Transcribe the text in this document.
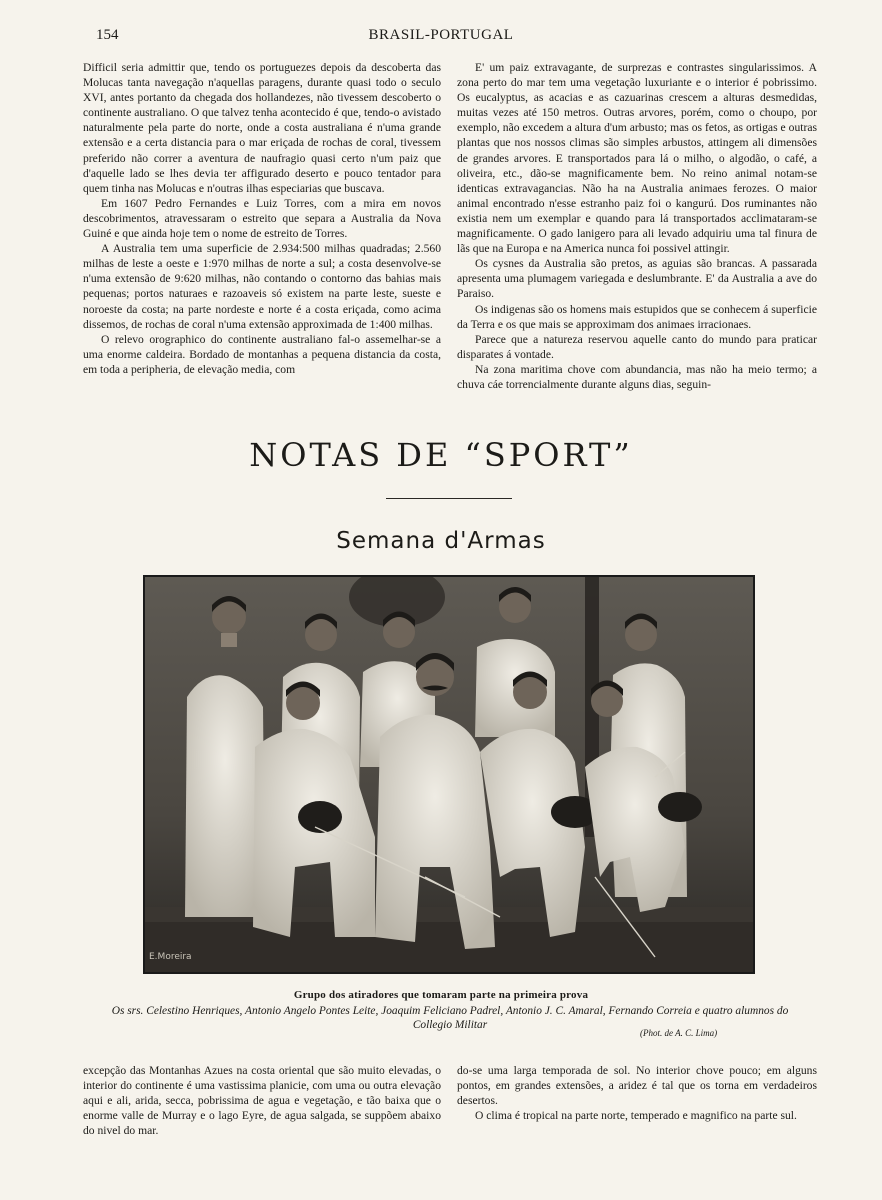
154	BRASIL-PORTUGAL

Difficil seria admittir que, tendo os portuguezes depois da descoberta das Molucas tanta navegação n'aquellas paragens, durante quasi todo o seculo XVI, antes portanto da chegada dos hollandezes, não tivessem descoberto o continente australiano. O que talvez tenha acontecido é que, tendo-o avistado naturalmente pela parte do norte, onde a costa australiana é n'uma grande extensão e a certa distancia para o mar eriçada de rochas de coral, tivessem preferido não correr a aventura de naufragio quasi certo n'um paiz que d'aquelle lado se lhes devia ter affigurado deserto e pouco tentador para quem tinha nas Molucas e n'outras ilhas especiarias que buscava.

Em 1607 Pedro Fernandes e Luiz Torres, com a mira em novos descobrimentos, atravessaram o estreito que separa a Australia da Nova Guiné e que ainda hoje tem o nome de estreito de Torres.

A Australia tem uma superficie de 2.934:500 milhas quadradas; 2.560 milhas de leste a oeste e 1:970 milhas de norte a sul; a costa desenvolve-se n'uma extensão de 9:620 milhas, não contando o contorno das bahias mais pequenas; portos naturaes e razoaveis só existem na parte leste, sueste e noroeste da costa; na parte nordeste e norte é a costa eriçada, como acima dissemos, de rochas de coral n'uma extensão approximada de 1:400 milhas.

O relevo orographico do continente australiano fal-o assemelhar-se a uma enorme caldeira. Bordado de montanhas a pequena distancia da costa, em toda a peripheria, de elevação media, com

E' um paiz extravagante, de surprezas e contrastes singularissimos. A zona perto do mar tem uma vegetação luxuriante e o interior é pobrissimo. Os eucalyptus, as acacias e as cazuarinas crescem a alturas desmedidas, muitas vezes até 150 metros. Outras arvores, porém, como o choupo, por exemplo, não excedem a altura d'um arbusto; mas os fetos, as ortigas e outras plantas que nos nossos climas são simples arbustos, attingem ali dimensões de grandes arvores. E transportados para lá o milho, o algodão, o café, a oliveira, etc., dão-se magnificamente bem. No reino animal notam-se identicas extravagancias. Não ha na Australia animaes ferozes. O maior animal encontrado n'esse estranho paiz foi o kangurú. Dos ruminantes não existia nem um exemplar e quando para lá transportados acclimataram-se magnificamente. O gado lanigero para ali levado adquiriu uma tal finura de lãs que na Europa e na America nunca foi possivel attingir.

Os cysnes da Australia são pretos, as aguias são brancas. A passarada apresenta uma plumagem variegada e deslumbrante. E' da Australia a ave do Paraiso.

Os indigenas são os homens mais estupidos que se conhecem á superficie da Terra e os que mais se approximam dos animaes irracionaes.

Parece que a natureza reservou aquelle canto do mundo para praticar disparates á vontade.

Na zona maritima chove com abundancia, mas não ha meio termo; a chuva cáe torrencialmente durante alguns dias, seguin-

NOTAS DE “SPORT”
Semana d'Armas
E.Moreira
Grupo dos atiradores que tomaram parte na primeira prova
Os srs. Celestino Henriques, Antonio Angelo Pontes Leite, Joaquim Feliciano Padrel, Antonio J. C. Amaral, Fernando Correia e quatro alumnos do Collegio Militar
(Phot. de A. C. Lima)

excepção das Montanhas Azues na costa oriental que são muito elevadas, o interior do continente é uma vastissima planicie, com uma ou outra elevação aqui e ali, arida, secca, pobrissima de agua e vegetação, e tão baixa que o enorme valle de Murray e o lago Eyre, de agua salgada, se suppõem abaixo do nivel do mar.

do-se uma larga temporada de sol. No interior chove pouco; em alguns pontos, em grandes extensões, a aridez é tal que os torna em verdadeiros desertos.

O clima é tropical na parte norte, temperado e magnifico na parte sul.
